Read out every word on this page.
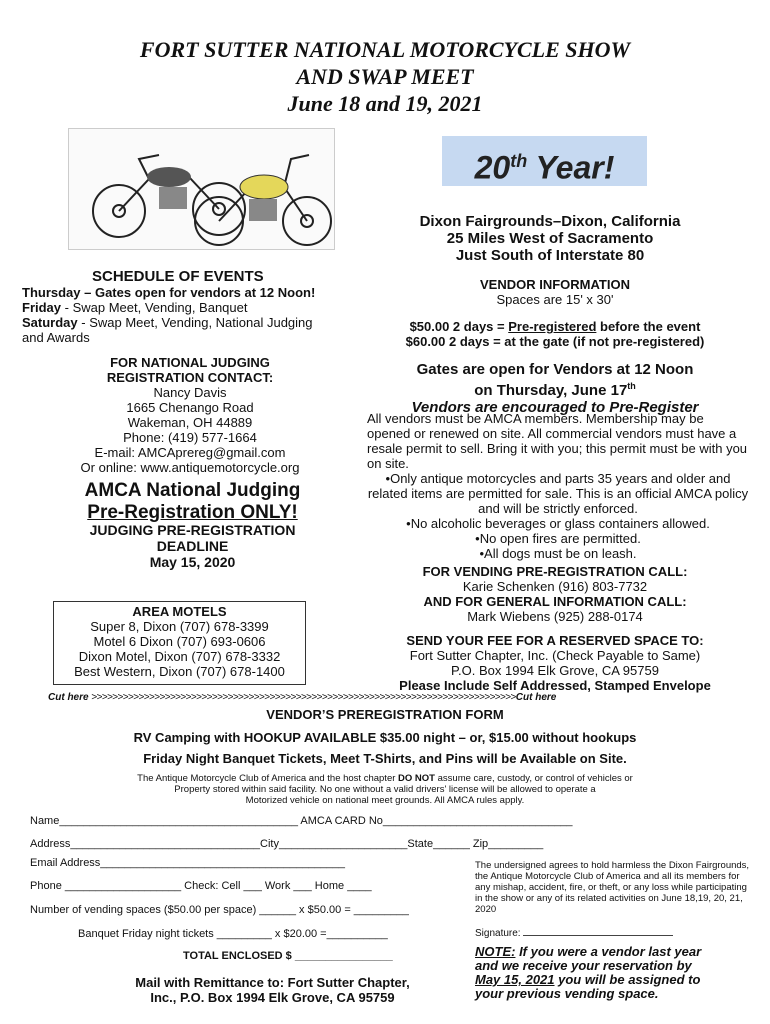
FORT SUTTER NATIONAL MOTORCYCLE SHOW
AND SWAP MEET
June 18 and 19, 2021
20th Year!
Dixon Fairgrounds–Dixon, California
25 Miles West of Sacramento
Just South of Interstate 80
SCHEDULE OF EVENTS
Thursday – Gates open for vendors at 12 Noon!
Friday - Swap Meet, Vending, Banquet
Saturday - Swap Meet, Vending, National Judging
and Awards
FOR NATIONAL JUDGING
REGISTRATION CONTACT:
Nancy Davis
1665 Chenango Road
Wakeman, OH 44889
Phone: (419) 577-1664
E-mail: AMCAprereg@gmail.com
Or online: www.antiquemotorcycle.org
AMCA National Judging
Pre-Registration ONLY!
JUDGING PRE-REGISTRATION
DEADLINE
May 15, 2020
AREA MOTELS
Super 8, Dixon (707) 678-3399
Motel 6 Dixon (707) 693-0606
Dixon Motel, Dixon (707) 678-3332
Best Western, Dixon (707) 678-1400
VENDOR INFORMATION
Spaces are 15' x 30'
$50.00 2 days = Pre-registered before the event
$60.00 2 days = at the gate (if not pre-registered)
Gates are open for Vendors at 12 Noon
on Thursday, June 17th
Vendors are encouraged to Pre-Register
All vendors must be AMCA members. Membership may be opened or renewed on site. All commercial vendors must have a resale permit to sell. Bring it with you; this permit must be with you on site.
•Only antique motorcycles and parts 35 years and older and related items are permitted for sale. This is an official AMCA policy and will be strictly enforced.
•No alcoholic beverages or glass containers allowed.
•No open fires are permitted.
•All dogs must be on leash.
FOR VENDING PRE-REGISTRATION CALL:
Karie Schenken (916) 803-7732
AND FOR GENERAL INFORMATION CALL:
Mark Wiebens (925) 288-0174
SEND YOUR FEE FOR A RESERVED SPACE TO:
Fort Sutter Chapter, Inc. (Check Payable to Same)
P.O. Box 1994 Elk Grove, CA 95759
Please Include Self Addressed, Stamped Envelope
Cut here >>>>>>>>>>>>>>>>>>>>>>>>>>>>>>>>>>>>>>>>>>>>>>>>>>>>>>>>>>>>>>>>>>>>>>>>>>>>>>>>>Cut here
VENDOR’S PREREGISTRATION FORM
RV Camping with HOOKUP AVAILABLE $35.00 night – or, $15.00 without hookups
Friday Night Banquet Tickets, Meet T-Shirts, and Pins will be Available on Site.
The Antique Motorcycle Club of America and the host chapter DO NOT assume care, custody, or control of vehicles or
Property stored within said facility. No one without a valid drivers' license will be allowed to operate a
Motorized vehicle on national meet grounds. All AMCA rules apply.
Name_______________________________________ AMCA CARD No_______________________________
Address_______________________________City_____________________State______ Zip_________
Email Address________________________________________
Phone ___________________ Check: Cell ___ Work ___ Home ____
Number of vending spaces ($50.00 per space) ______ x $50.00 = _________
Banquet Friday night tickets _________ x $20.00 =__________
TOTAL ENCLOSED $ ________________
Mail with Remittance to: Fort Sutter Chapter,
Inc., P.O. Box 1994 Elk Grove, CA 95759
The undersigned agrees to hold harmless the Dixon Fairgrounds, the Antique Motorcycle Club of America and all its members for any mishap, accident, fire, or theft, or any loss while participating in the show or any of its related activities on June 18,19, 20, 21, 2020
Signature:
NOTE: If you were a vendor last year
and we receive your reservation by
May 15, 2021 you will be assigned to
your previous vending space.
